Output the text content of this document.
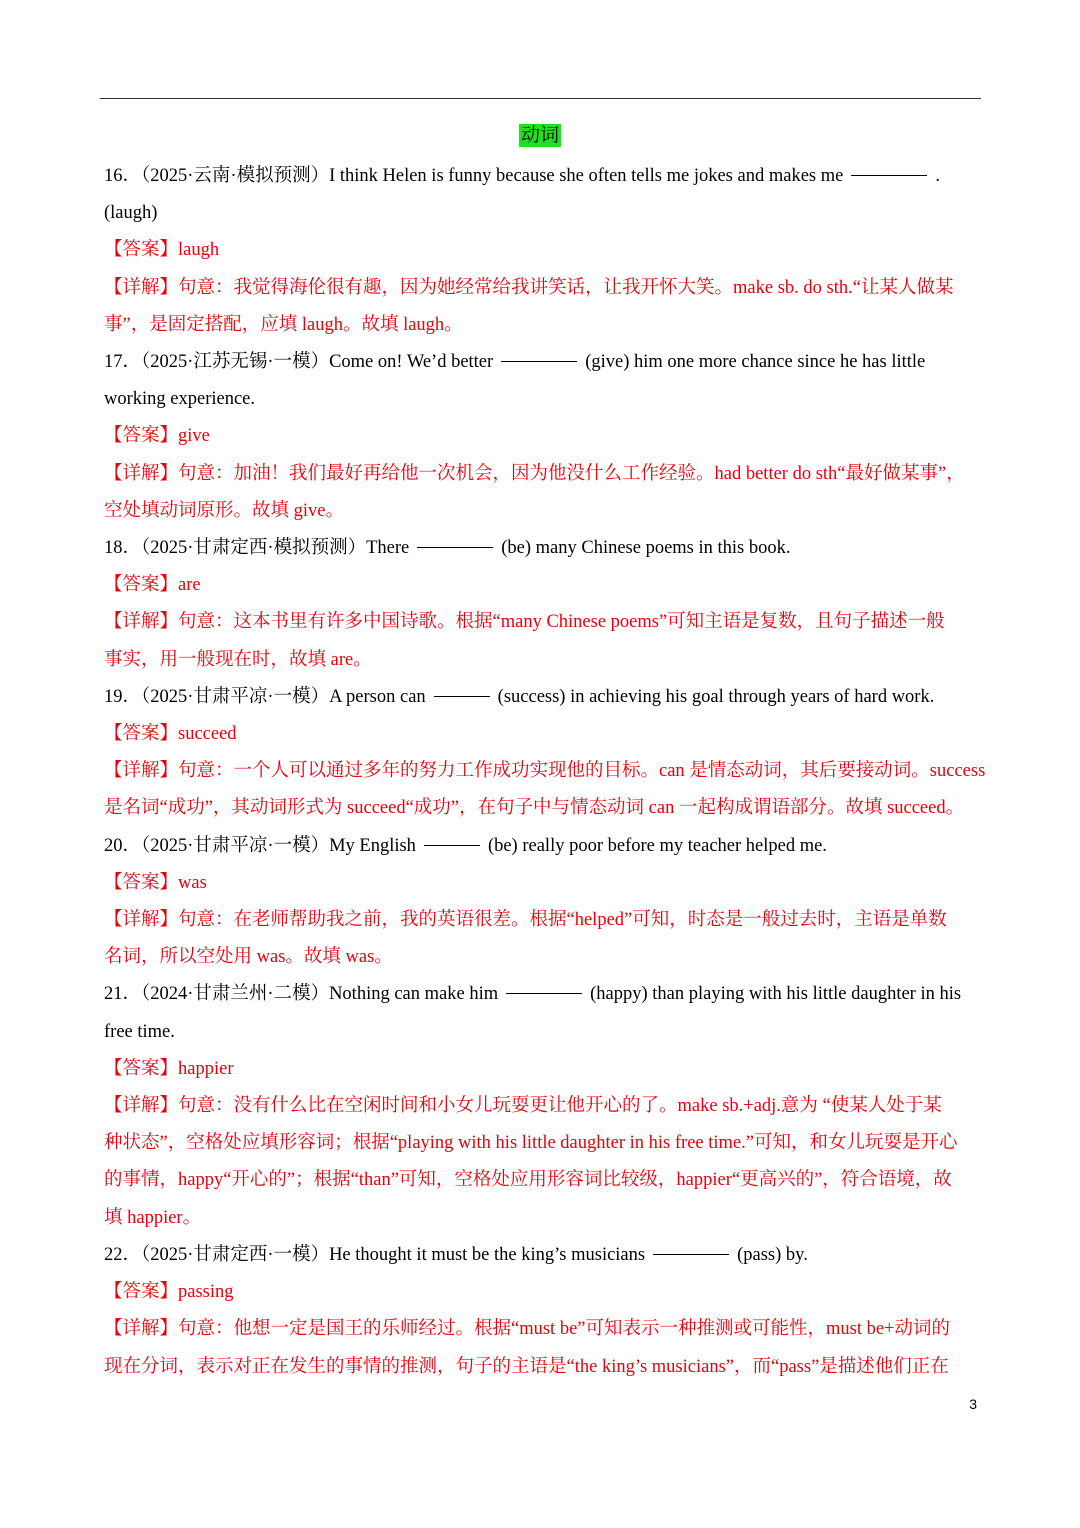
动词
16．（2025·云南·模拟预测）I think Helen is funny because she often tells me jokes and makes me	.
(laugh)
【答案】laugh
【详解】句意：我觉得海伦很有趣，因为她经常给我讲笑话，让我开怀大笑。make sb. do sth.“让某人做某
事”，是固定搭配，应填 laugh。故填 laugh。
17．（2025·江苏无锡·一模）Come on! We’d better	(give) him one more chance since he has little
working experience.
【答案】give
【详解】句意：加油！我们最好再给他一次机会，因为他没什么工作经验。had better do sth“最好做某事”，
空处填动词原形。故填 give。
18．（2025·甘肃定西·模拟预测）There	(be) many Chinese poems in this book.
【答案】are
【详解】句意：这本书里有许多中国诗歌。根据“many Chinese poems”可知主语是复数，且句子描述一般
事实，用一般现在时，故填 are。
19．（2025·甘肃平凉·一模）A person can	(success) in achieving his goal through years of hard work.
【答案】succeed
【详解】句意：一个人可以通过多年的努力工作成功实现他的目标。can 是情态动词，其后要接动词。success
是名词“成功”，其动词形式为 succeed“成功”，在句子中与情态动词 can 一起构成谓语部分。故填 succeed。
20．（2025·甘肃平凉·一模）My English	(be) really poor before my teacher helped me.
【答案】was
【详解】句意：在老师帮助我之前，我的英语很差。根据“helped”可知，时态是一般过去时，主语是单数
名词，所以空处用 was。故填 was。
21．（2024·甘肃兰州·二模）Nothing can make him	(happy) than playing with his little daughter in his
free time.
【答案】happier
【详解】句意：没有什么比在空闲时间和小女儿玩耍更让他开心的了。make sb.+adj.意为 “使某人处于某
种状态”，空格处应填形容词；根据“playing with his little daughter in his free time.”可知，和女儿玩耍是开心
的事情，happy“开心的”；根据“than”可知，空格处应用形容词比较级，happier“更高兴的”，符合语境，故
填 happier。
22．（2025·甘肃定西·一模）He thought it must be the king’s musicians	(pass) by.
【答案】passing
【详解】句意：他想一定是国王的乐师经过。根据“must be”可知表示一种推测或可能性，must be+动词的
现在分词，表示对正在发生的事情的推测，句子的主语是“the king’s musicians”，而“pass”是描述他们正在
3
